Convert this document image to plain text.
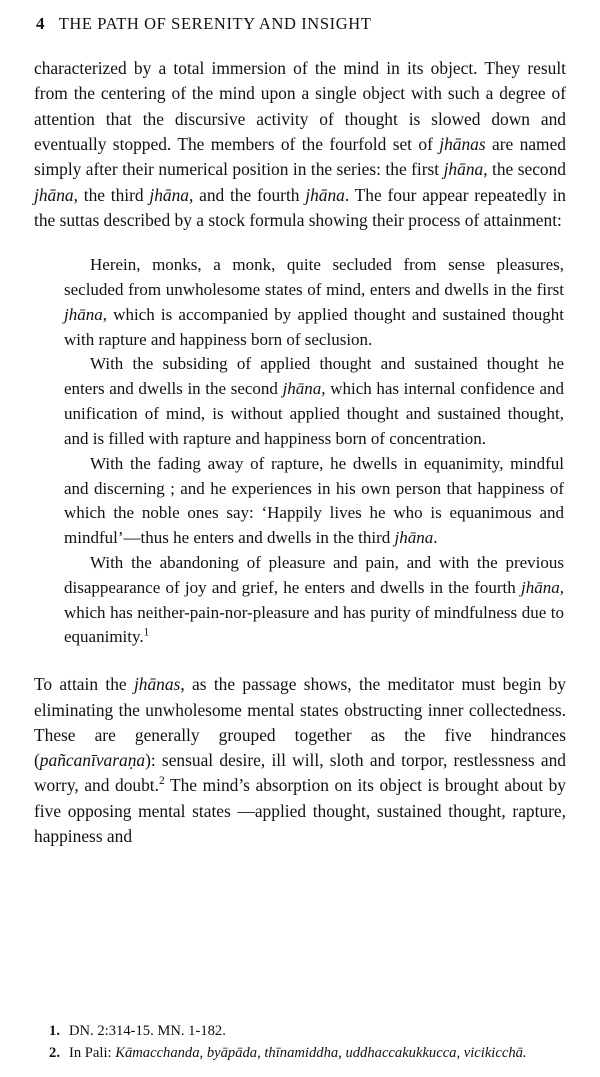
4 THE PATH OF SERENITY AND INSIGHT

characterized by a total immersion of the mind in its object. They result from the centering of the mind upon a single object with such a degree of attention that the discursive activity of thought is slowed down and eventually stopped. The members of the fourfold set of jhānas are named simply after their numerical position in the series: the first jhāna, the second jhāna, the third jhāna, and the fourth jhāna. The four appear repeatedly in the suttas described by a stock formula showing their process of attainment:

Herein, monks, a monk, quite secluded from sense pleasures, secluded from unwholesome states of mind, enters and dwells in the first jhāna, which is accompanied by applied thought and sustained thought with rapture and happiness born of seclusion.

With the subsiding of applied thought and sustained thought he enters and dwells in the second jhāna, which has internal confidence and unification of mind, is without applied thought and sustained thought, and is filled with rapture and happiness born of concentration.

With the fading away of rapture, he dwells in equanimity, mindful and discerning ; and he experiences in his own person that happiness of which the noble ones say: ‘Happily lives he who is equanimous and mindful’—thus he enters and dwells in the third jhāna.

With the abandoning of pleasure and pain, and with the previous disappearance of joy and grief, he enters and dwells in the fourth jhāna, which has neither-pain-nor-pleasure and has purity of mindfulness due to equanimity.$^1$

To attain the jhānas, as the passage shows, the meditator must begin by eliminating the unwholesome mental states obstructing inner collectedness. These are generally grouped together as the five hindrances (pañcanīvaraṇa): sensual desire, ill will, sloth and torpor, restlessness and worry, and doubt.$^2$ The mind’s absorption on its object is brought about by five opposing mental states —applied thought, sustained thought, rapture, happiness and

1. DN. 2:314-15. MN. 1-182.
2. In Pali: Kāmacchanda, byāpāda, thīnamiddha, uddhaccakukkucca, vicikicchā.
